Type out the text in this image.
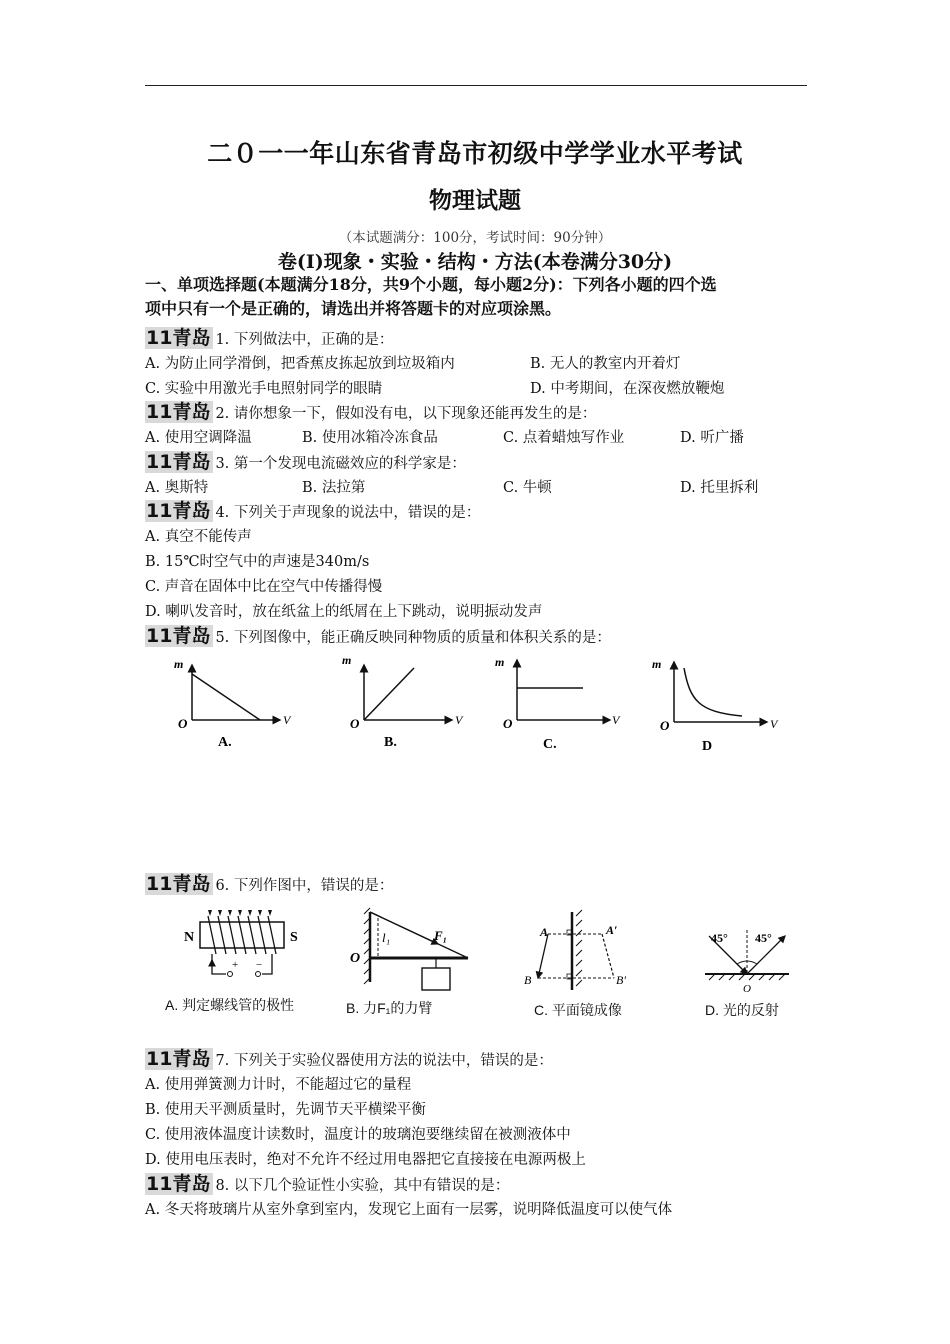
二０一一年山东省青岛市初级中学学业水平考试
物理试题
（本试题满分：100分，考试时间：90分钟）
卷(I)现象・实验・结构・方法(本卷满分30分)
一、单项选择题(本题满分18分，共9个小题，每小题2分)：下列各小题的四个选
项中只有一个是正确的，请选出并将答题卡的对应项涂黑。
11青岛 1. 下列做法中，正确的是：
A. 为防止同学滑倒，把香蕉皮拣起放到垃圾箱内	B. 无人的教室内开着灯
C. 实验中用激光手电照射同学的眼睛	D. 中考期间，在深夜燃放鞭炮
11青岛 2. 请你想象一下，假如没有电，以下现象还能再发生的是：
A. 使用空调降温	B. 使用冰箱冷冻食品	C. 点着蜡烛写作业	D. 听广播
11青岛 3. 第一个发现电流磁效应的科学家是：
A. 奥斯特	B. 法拉第	C. 牛顿	D. 托里拆利
11青岛 4. 下列关于声现象的说法中，错误的是：
A. 真空不能传声
B. 15℃时空气中的声速是340m/s
C. 声音在固体中比在空气中传播得慢
D. 喇叭发音时，放在纸盆上的纸屑在上下跳动，说明振动发声
11青岛 5. 下列图像中，能正确反映同种物质的质量和体积关系的是：
m
O	V
A.
m
O	V
B.
m
O	V
C.
m
O	V
D
11青岛 6. 下列作图中，错误的是：
N	S
+ −	O
l₁	F₁	A	A′
B	B′
45° 45°
O
A. 判定螺线管的极性	B. 力F₁的力臂	C. 平面镜成像	D. 光的反射
11青岛 7. 下列关于实验仪器使用方法的说法中，错误的是：
A. 使用弹簧测力计时，不能超过它的量程
B. 使用天平测质量时，先调节天平横梁平衡
C. 使用液体温度计读数时，温度计的玻璃泡要继续留在被测液体中
D. 使用电压表时，绝对不允许不经过用电器把它直接接在电源两极上
11青岛 8. 以下几个验证性小实验，其中有错误的是：
A. 冬天将玻璃片从室外拿到室内，发现它上面有一层雾，说明降低温度可以使气体
